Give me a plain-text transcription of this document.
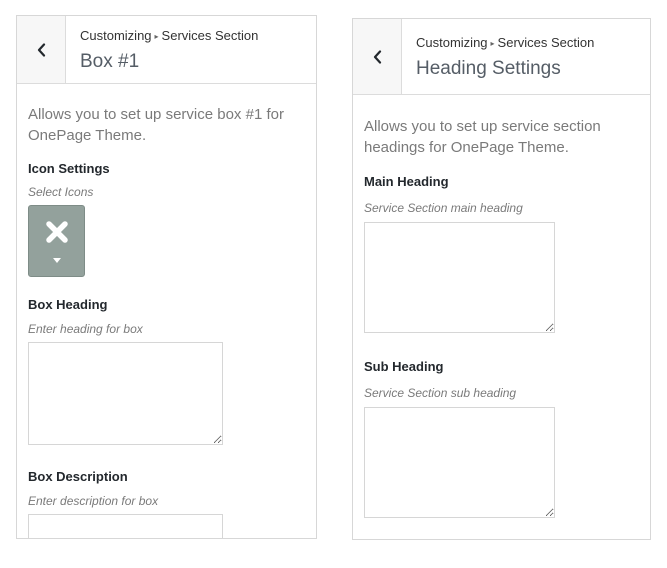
Customizing ▸ Services Section
Box #1

Allows you to set up service box #1 for OnePage Theme.

Icon Settings
Select Icons
Box Heading
Enter heading for box
Box Description
Enter description for box
Customizing ▸ Services Section
Heading Settings

Allows you to set up service section headings for OnePage Theme.

Main Heading
Service Section main heading
Sub Heading
Service Section sub heading
